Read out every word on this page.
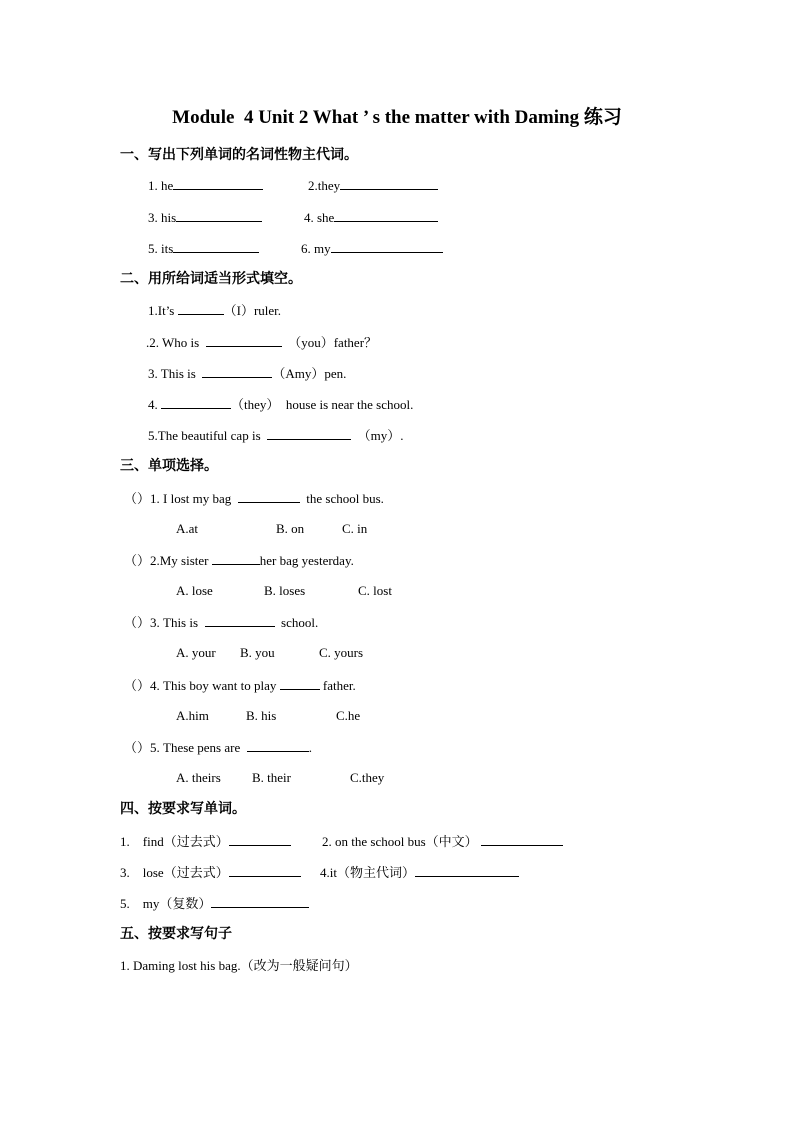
Module  4 Unit 2 What ’ s the matter with Daming 练习
一、写出下列单词的名词性物主代词。
1. he	2.they
3. his	4. she
5. its	6. my
二、用所给词适当形式填空。
1.It’s	（I）ruler.
.2. Who is	（you）father？
3. This is	（Amy）pen.
4.	（they）  house is near the school.
5.The beautiful cap is	（my）.
三、单项选择。
（）1. I lost my bag	the school bus.
A.at	B. on	C. in
（）2.My sister	her bag yesterday.
A. lose	B. loses	C. lost
（）3. This is	school.
A. your B. you	C. yours
（）4. This boy want to play	father.
A.him	B. his	C.he
（）5. These pens are	.
A. theirs B. their	C.they
四、按要求写单词。
1. find（过去式）	2. on the school bus（中文）
3. lose（过去式）	4.it（物主代词）
5. my（复数）
五、按要求写句子
1. Daming lost his bag.（改为一般疑问句）
